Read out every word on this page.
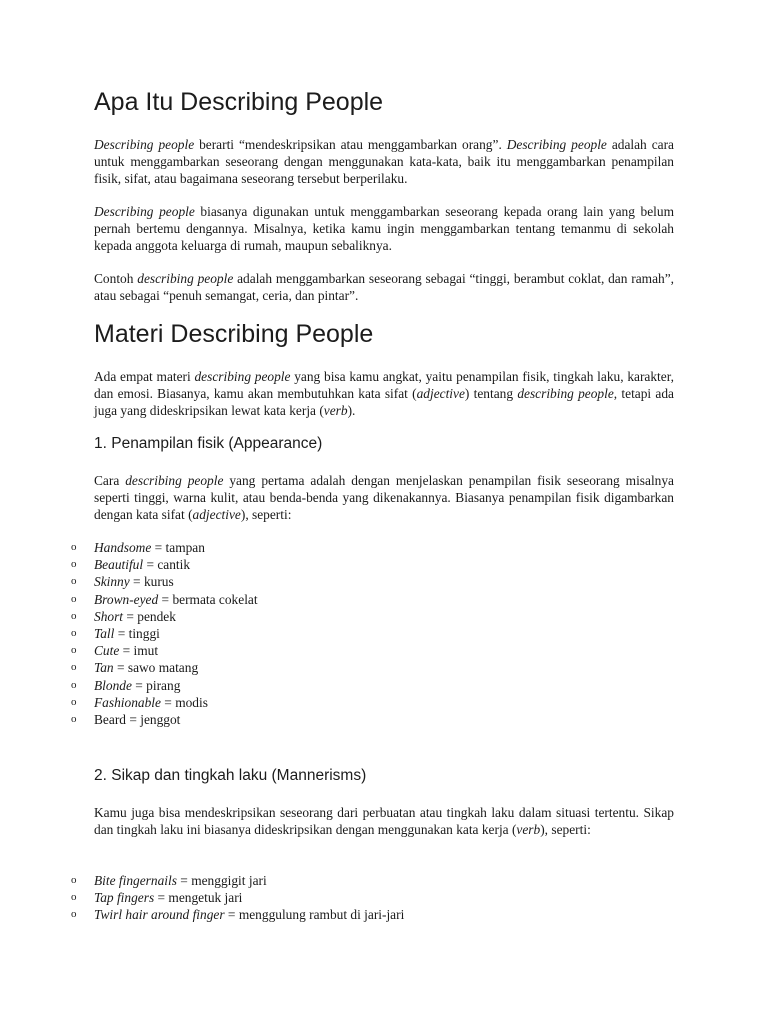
Apa Itu Describing People

Describing people berarti “mendeskripsikan atau menggambarkan orang”. Describing people adalah cara untuk menggambarkan seseorang dengan menggunakan kata-kata, baik itu menggambarkan penampilan fisik, sifat, atau bagaimana seseorang tersebut berperilaku.

Describing people biasanya digunakan untuk menggambarkan seseorang kepada orang lain yang belum pernah bertemu dengannya. Misalnya, ketika kamu ingin menggambarkan tentang temanmu di sekolah kepada anggota keluarga di rumah, maupun sebaliknya.

Contoh describing people adalah menggambarkan seseorang sebagai “tinggi, berambut coklat, dan ramah”, atau sebagai “penuh semangat, ceria, dan pintar”.

Materi Describing People

Ada empat materi describing people yang bisa kamu angkat, yaitu penampilan fisik, tingkah laku, karakter, dan emosi. Biasanya, kamu akan membutuhkan kata sifat (adjective) tentang describing people, tetapi ada juga yang dideskripsikan lewat kata kerja (verb).

1. Penampilan fisik (Appearance)

Cara describing people yang pertama adalah dengan menjelaskan penampilan fisik seseorang misalnya seperti tinggi, warna kulit, atau benda-benda yang dikenakannya. Biasanya penampilan fisik digambarkan dengan kata sifat (adjective), seperti:

o Handsome = tampan
o Beautiful = cantik
o Skinny = kurus
o Brown-eyed = bermata cokelat
o Short = pendek
o Tall = tinggi
o Cute = imut
o Tan = sawo matang
o Blonde = pirang
o Fashionable = modis
o Beard = jenggot
2. Sikap dan tingkah laku (Mannerisms)

Kamu juga bisa mendeskripsikan seseorang dari perbuatan atau tingkah laku dalam situasi tertentu. Sikap dan tingkah laku ini biasanya dideskripsikan dengan menggunakan kata kerja (verb), seperti:

o Bite fingernails = menggigit jari
o Tap fingers = mengetuk jari
o Twirl hair around finger = menggulung rambut di jari-jari
